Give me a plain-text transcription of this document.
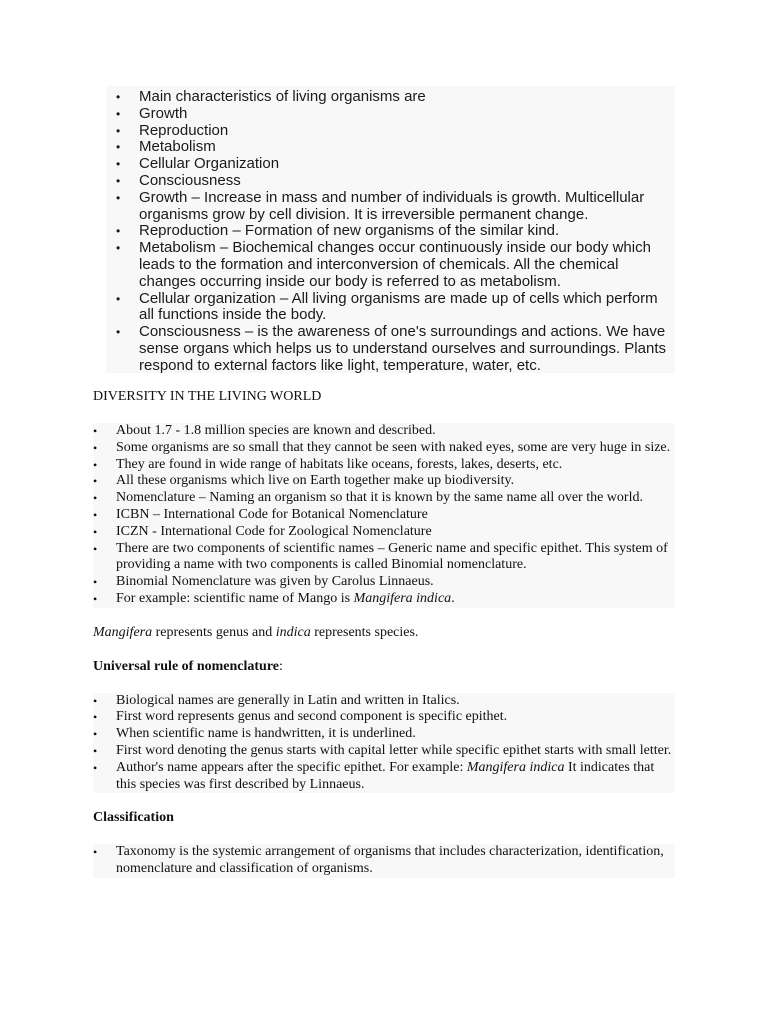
• Main characteristics of living organisms are
• Growth
• Reproduction
• Metabolism
• Cellular Organization
• Consciousness
• Growth – Increase in mass and number of individuals is growth. Multicellular organisms grow by cell division. It is irreversible permanent change.
• Reproduction – Formation of new organisms of the similar kind.
• Metabolism – Biochemical changes occur continuously inside our body which leads to the formation and interconversion of chemicals. All the chemical changes occurring inside our body is referred to as metabolism.
• Cellular organization – All living organisms are made up of cells which perform all functions inside the body.
• Consciousness – is the awareness of one's surroundings and actions. We have sense organs which helps us to understand ourselves and surroundings. Plants respond to external factors like light, temperature, water, etc.

DIVERSITY IN THE LIVING WORLD

• About 1.7 - 1.8 million species are known and described.
• Some organisms are so small that they cannot be seen with naked eyes, some are very huge in size.
• They are found in wide range of habitats like oceans, forests, lakes, deserts, etc.
• All these organisms which live on Earth together make up biodiversity.
• Nomenclature – Naming an organism so that it is known by the same name all over the world.
• ICBN – International Code for Botanical Nomenclature
• ICZN - International Code for Zoological Nomenclature
• There are two components of scientific names – Generic name and specific epithet. This system of providing a name with two components is called Binomial nomenclature.
• Binomial Nomenclature was given by Carolus Linnaeus.
• For example: scientific name of Mango is Mangifera indica.

Mangifera represents genus and indica represents species.

Universal rule of nomenclature:

• Biological names are generally in Latin and written in Italics.
• First word represents genus and second component is specific epithet.
• When scientific name is handwritten, it is underlined.
• First word denoting the genus starts with capital letter while specific epithet starts with small letter.
• Author's name appears after the specific epithet. For example: Mangifera indica It indicates that this species was first described by Linnaeus.

Classification

• Taxonomy is the systemic arrangement of organisms that includes characterization, identification, nomenclature and classification of organisms.
